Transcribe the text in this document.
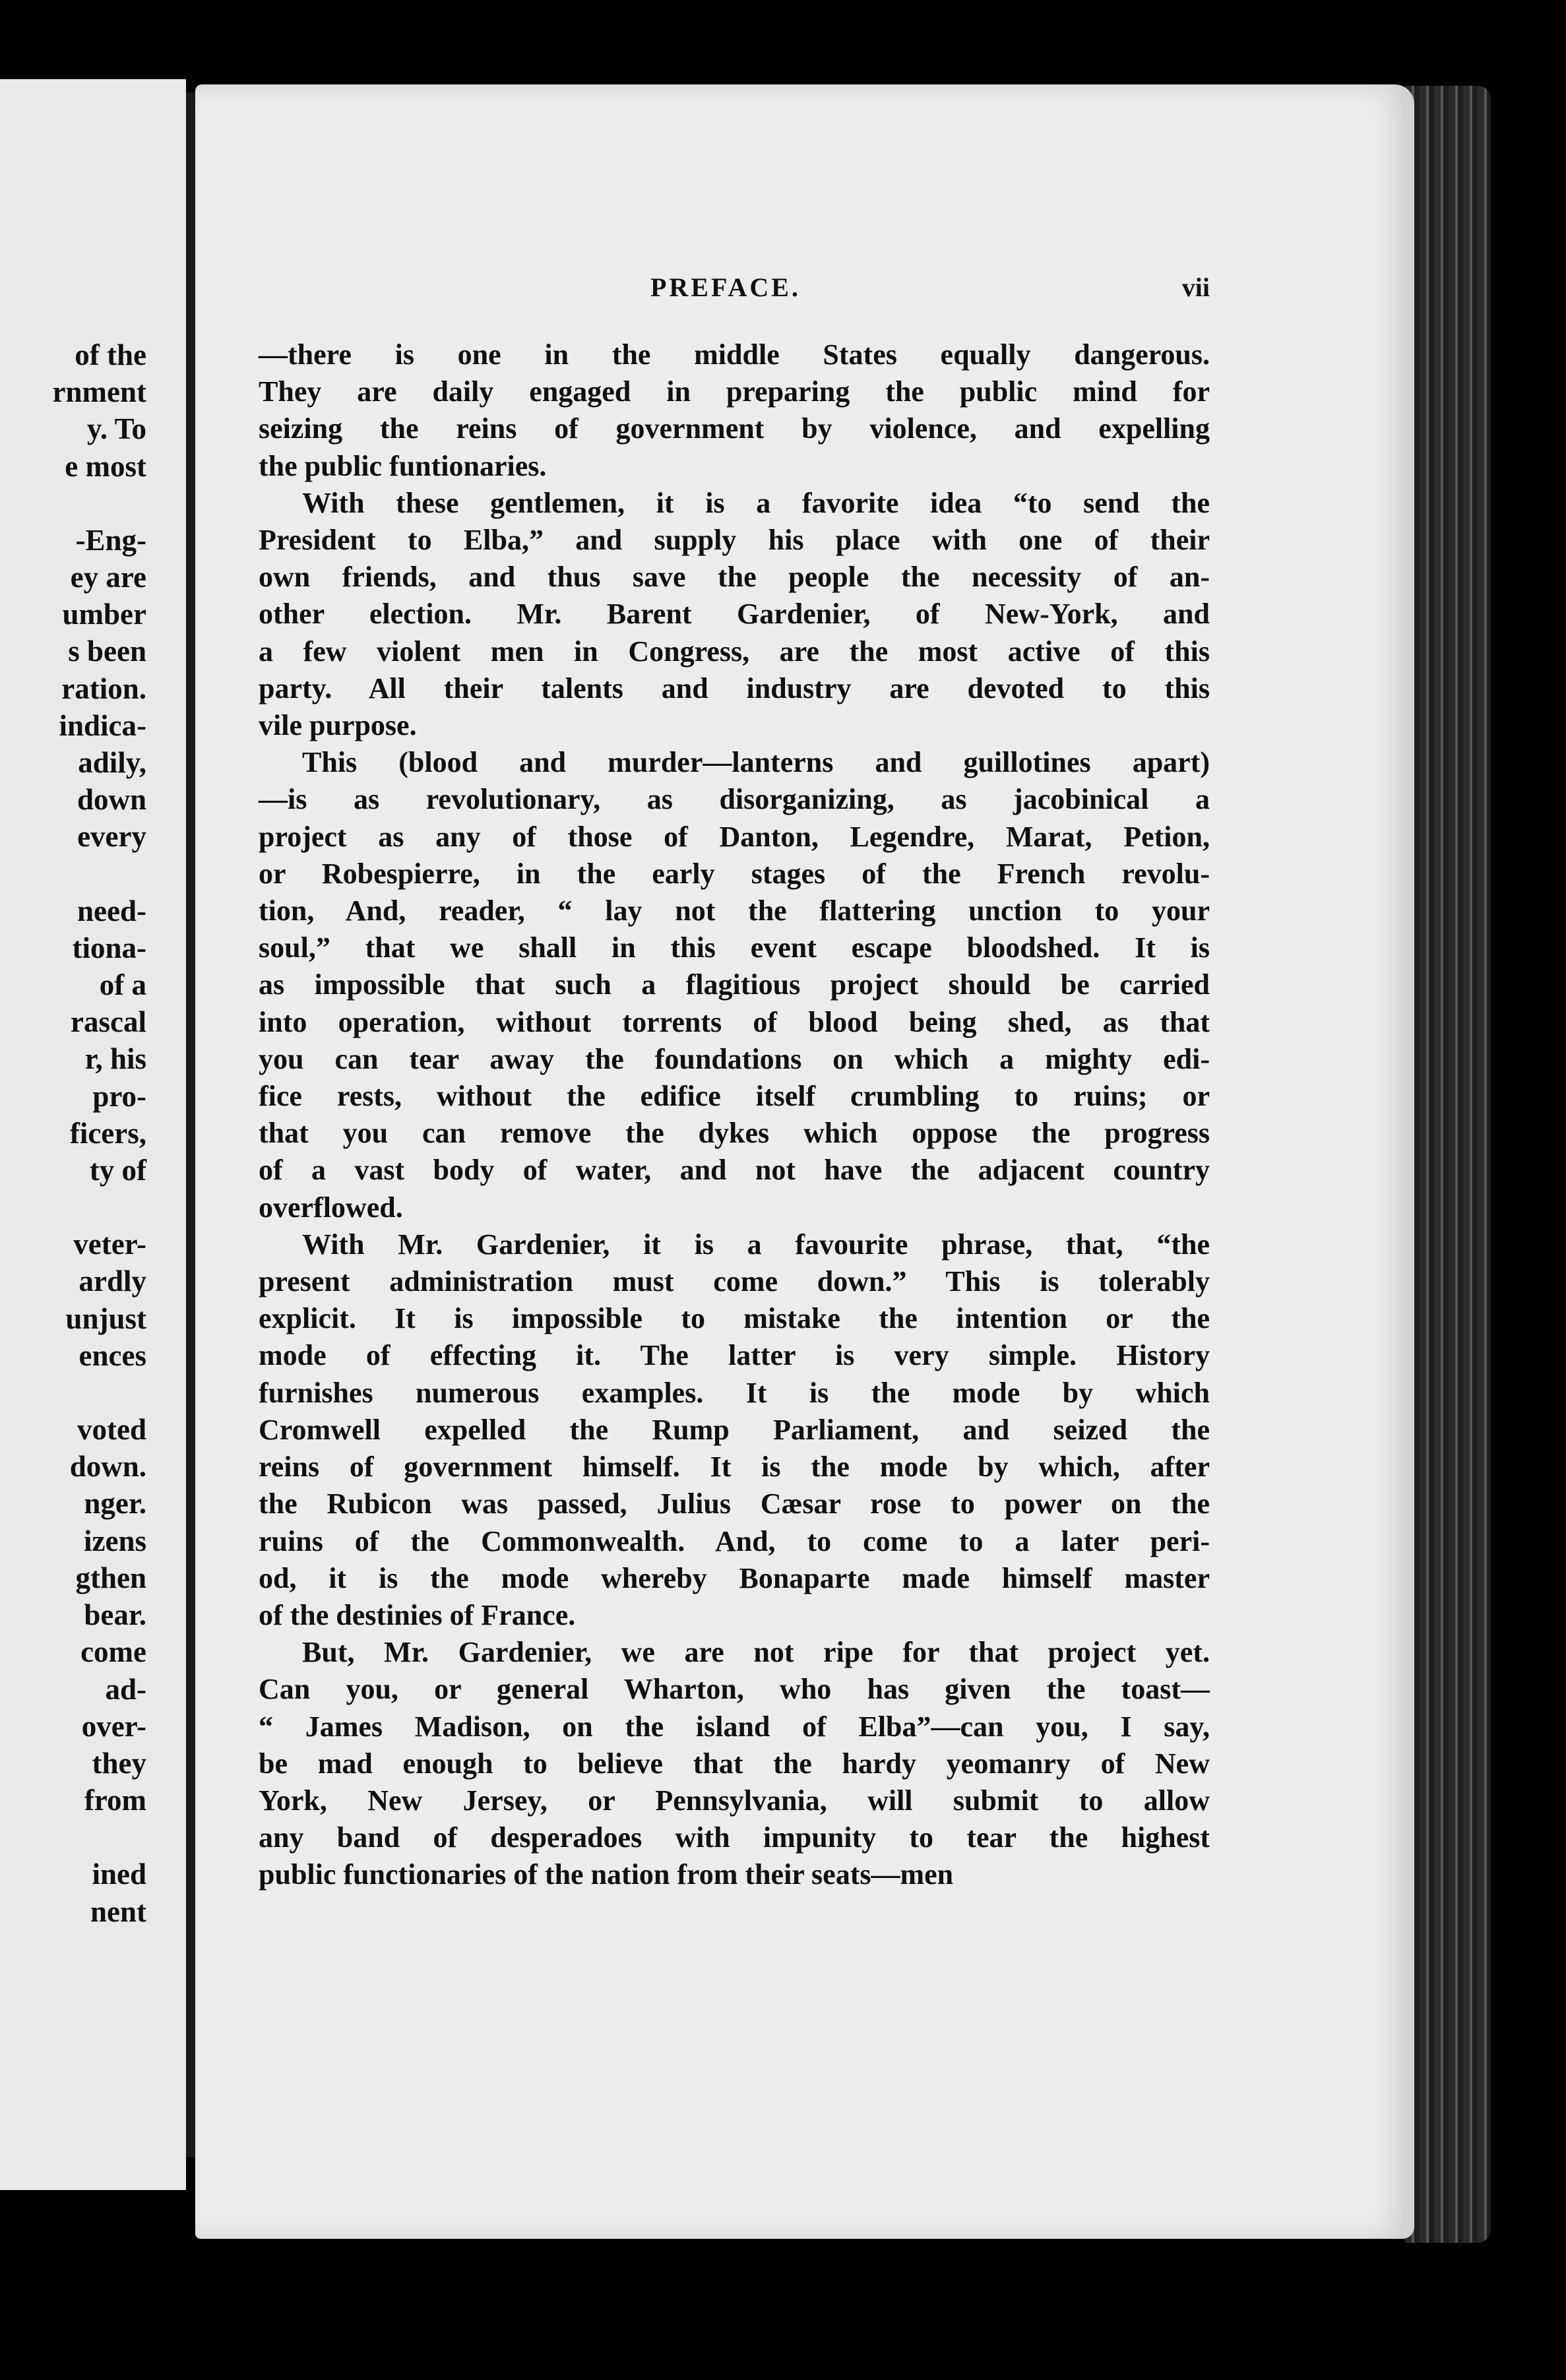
of the
rnment
y. To
e most
-Eng-
ey are
umber
s been
ration.
indica-
adily,
down
every
need-
tiona-
of a
rascal
r, his
pro-
ficers,
ty of
veter-
ardly
unjust
ences
voted
down.
nger.
izens
gthen
bear.
come
ad-
over-
they
from
ined
nent
PREFACE.	vii

—there is one in the middle States equally dangerous.
They are daily engaged in preparing the public mind for
seizing the reins of government by violence, and expelling
the public funtionaries.

With these gentlemen, it is a favorite idea “to send the
President to Elba,” and supply his place with one of their
own friends, and thus save the people the necessity of an-
other election. Mr. Barent Gardenier, of New-York, and
a few violent men in Congress, are the most active of this
party. All their talents and industry are devoted to this
vile purpose.

This (blood and murder—lanterns and guillotines apart)
—is as revolutionary, as disorganizing, as jacobinical a
project as any of those of Danton, Legendre, Marat, Petion,
or Robespierre, in the early stages of the French revolu-
tion, And, reader, “ lay not the flattering unction to your
soul,” that we shall in this event escape bloodshed. It is
as impossible that such a flagitious project should be carried
into operation, without torrents of blood being shed, as that
you can tear away the foundations on which a mighty edi-
fice rests, without the edifice itself crumbling to ruins; or
that you can remove the dykes which oppose the progress
of a vast body of water, and not have the adjacent country
overflowed.

With Mr. Gardenier, it is a favourite phrase, that, “the
present administration must come down.” This is tolerably
explicit. It is impossible to mistake the intention or the
mode of effecting it. The latter is very simple. History
furnishes numerous examples. It is the mode by which
Cromwell expelled the Rump Parliament, and seized the
reins of government himself. It is the mode by which, after
the Rubicon was passed, Julius Cæsar rose to power on the
ruins of the Commonwealth. And, to come to a later peri-
od, it is the mode whereby Bonaparte made himself master
of the destinies of France.

But, Mr. Gardenier, we are not ripe for that project yet.
Can you, or general Wharton, who has given the toast—
“ James Madison, on the island of Elba”—can you, I say,
be mad enough to believe that the hardy yeomanry of New
York, New Jersey, or Pennsylvania, will submit to allow
any band of desperadoes with impunity to tear the highest
public functionaries of the nation from their seats—men
